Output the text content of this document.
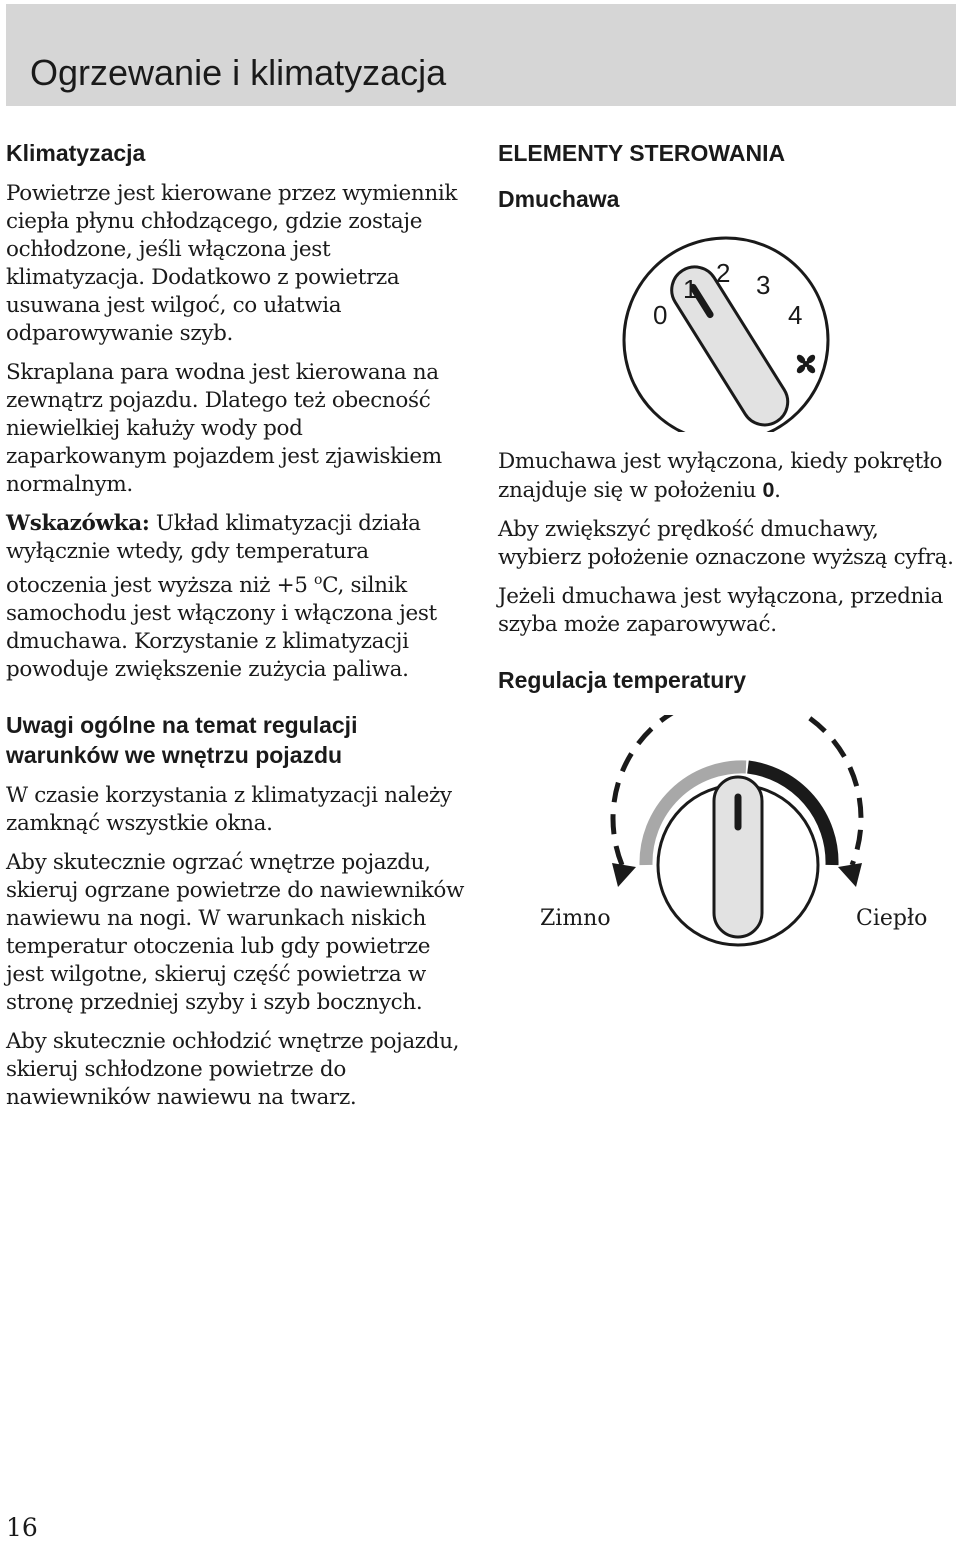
Ogrzewanie i klimatyzacja
Klimatyzacja

Powietrze jest kierowane przez wymiennik ciepła płynu chłodzącego, gdzie zostaje ochłodzone, jeśli włączona jest klimatyzacja. Dodatkowo z powietrza usuwana jest wilgoć, co ułatwia odparowywanie szyb.

Skraplana para wodna jest kierowana na zewnątrz pojazdu. Dlatego też obecność niewielkiej kałuży wody pod zaparkowanym pojazdem jest zjawiskiem normalnym.

Wskazówka: Układ klimatyzacji działa wyłącznie wtedy, gdy temperatura otoczenia jest wyższa niż +5 $^o$C, silnik samochodu jest włączony i włączona jest dmuchawa. Korzystanie z klimatyzacji powoduje zwiększenie zużycia paliwa.

Uwagi ogólne na temat regulacji warunków we wnętrzu pojazdu

W czasie korzystania z klimatyzacji należy zamknąć wszystkie okna.

Aby skutecznie ogrzać wnętrze pojazdu, skieruj ogrzane powietrze do nawiewników nawiewu na nogi. W warunkach niskich temperatur otoczenia lub gdy powietrze jest wilgotne, skieruj część powietrza w stronę przedniej szyby i szyb bocznych.

Aby skutecznie ochłodzić wnętrze pojazdu, skieruj schłodzone powietrze do nawiewników nawiewu na twarz.

ELEMENTY STEROWANIA
Dmuchawa
0
1
2 3
4

Dmuchawa jest wyłączona, kiedy pokrętło znajduje się w położeniu 0.

Aby zwiększyć prędkość dmuchawy, wybierz położenie oznaczone wyższą cyfrą.

Jeżeli dmuchawa jest wyłączona, przednia szyba może zaparowywać.

Regulacja temperatury
Zimno	Ciepło
16
